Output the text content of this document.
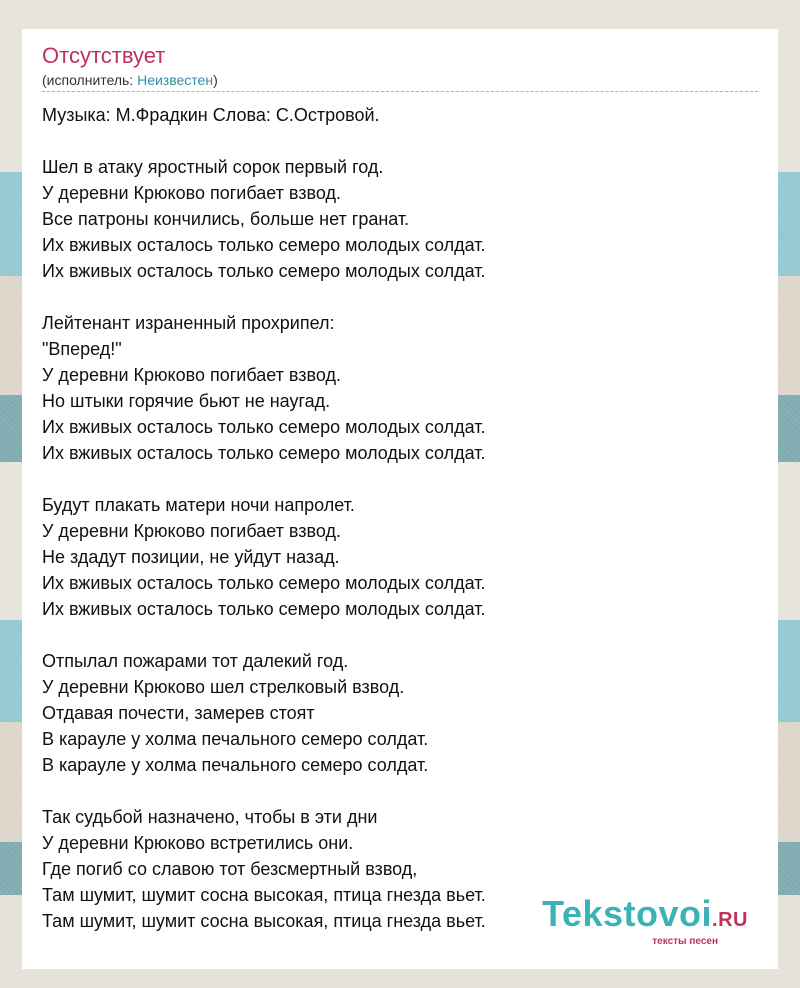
Отсутствует
(исполнитель: Неизвестен)
Музыка: М.Фрадкин Слова: С.Островой.
Шел в атаку яростный сорок первый год.
У деревни Крюково погибает взвод.
Все патроны кончились, больше нет гранат.
Их вживых осталось только семеро молодых солдат.
Их вживых осталось только семеро молодых солдат.
Лейтенант израненный прохрипел:
"Вперед!"
У деревни Крюково погибает взвод.
Но штыки горячие бьют не наугад.
Их вживых осталось только семеро молодых солдат.
Их вживых осталось только семеро молодых солдат.
Будут плакать матери ночи напролет.
У деревни Крюково погибает взвод.
Не здадут позиции, не уйдут назад.
Их вживых осталось только семеро молодых солдат.
Их вживых осталось только семеро молодых солдат.
Отпылал пожарами тот далекий год.
У деревни Крюково шел стрелковый взвод.
Отдавая почести, замерев стоят
В карауле у холма печального семеро солдат.
В карауле у холма печального семеро солдат.
Так судьбой назначено, чтобы в эти дни
У деревни Крюково встретились они.
Где погиб со славою тот безсмертный взвод,
Там шумит, шумит сосна высокая, птица гнезда вьет.
Там шумит, шумит сосна высокая, птица гнезда вьет.	Tekstovoi.RU
тексты песен
